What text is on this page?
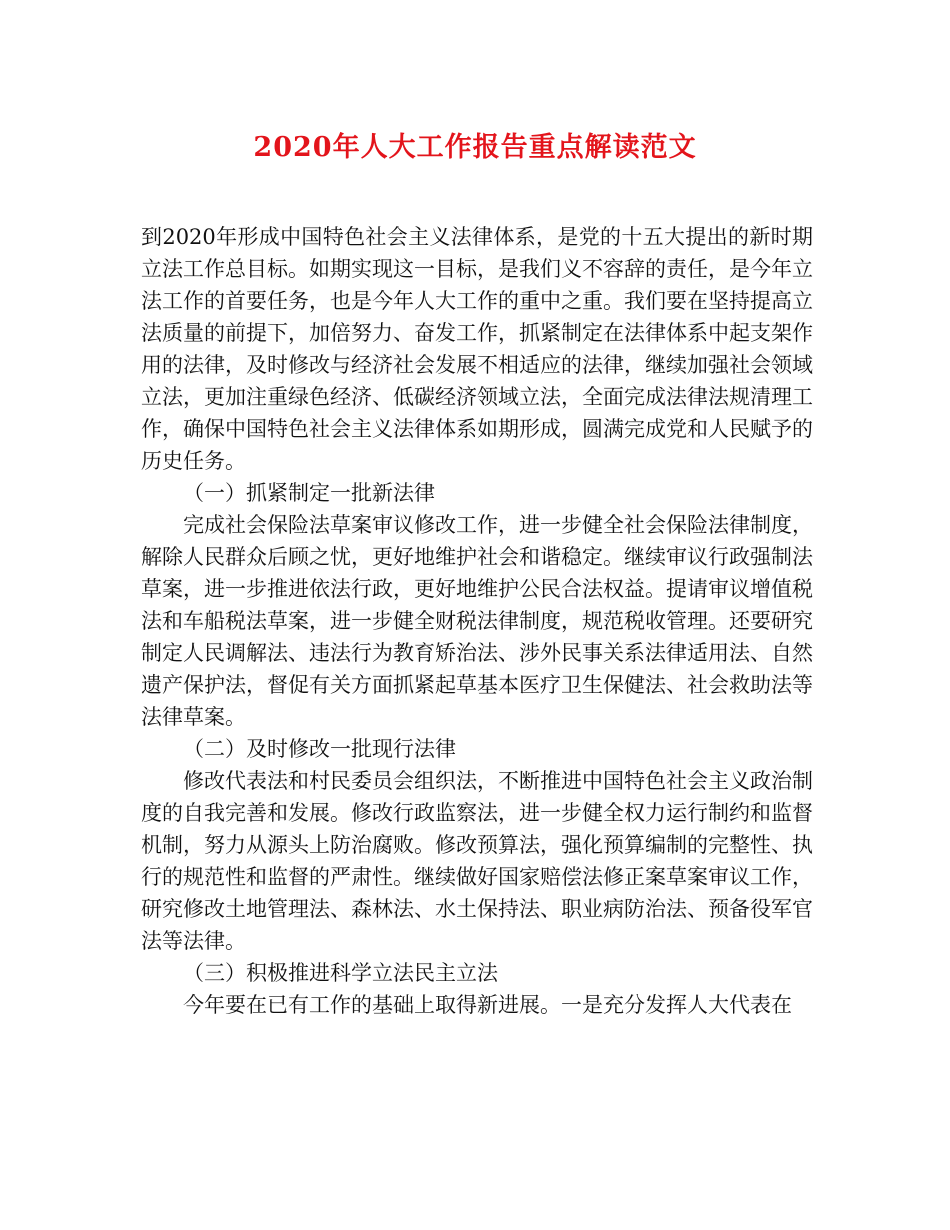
2020年人大工作报告重点解读范文

到2020年形成中国特色社会主义法律体系，是党的十五大提出的新时期立法工作总目标。如期实现这一目标，是我们义不容辞的责任，是今年立法工作的首要任务，也是今年人大工作的重中之重。我们要在坚持提高立法质量的前提下，加倍努力、奋发工作，抓紧制定在法律体系中起支架作用的法律，及时修改与经济社会发展不相适应的法律，继续加强社会领域立法，更加注重绿色经济、低碳经济领域立法，全面完成法律法规清理工作，确保中国特色社会主义法律体系如期形成，圆满完成党和人民赋予的历史任务。

（一）抓紧制定一批新法律

完成社会保险法草案审议修改工作，进一步健全社会保险法律制度，解除人民群众后顾之忧，更好地维护社会和谐稳定。继续审议行政强制法草案，进一步推进依法行政，更好地维护公民合法权益。提请审议增值税法和车船税法草案，进一步健全财税法律制度，规范税收管理。还要研究制定人民调解法、违法行为教育矫治法、涉外民事关系法律适用法、自然遗产保护法，督促有关方面抓紧起草基本医疗卫生保健法、社会救助法等法律草案。

（二）及时修改一批现行法律

修改代表法和村民委员会组织法，不断推进中国特色社会主义政治制度的自我完善和发展。修改行政监察法，进一步健全权力运行制约和监督机制，努力从源头上防治腐败。修改预算法，强化预算编制的完整性、执行的规范性和监督的严肃性。继续做好国家赔偿法修正案草案审议工作，研究修改土地管理法、森林法、水土保持法、职业病防治法、预备役军官法等法律。

（三）积极推进科学立法民主立法

今年要在已有工作的基础上取得新进展。一是充分发挥人大代表在
